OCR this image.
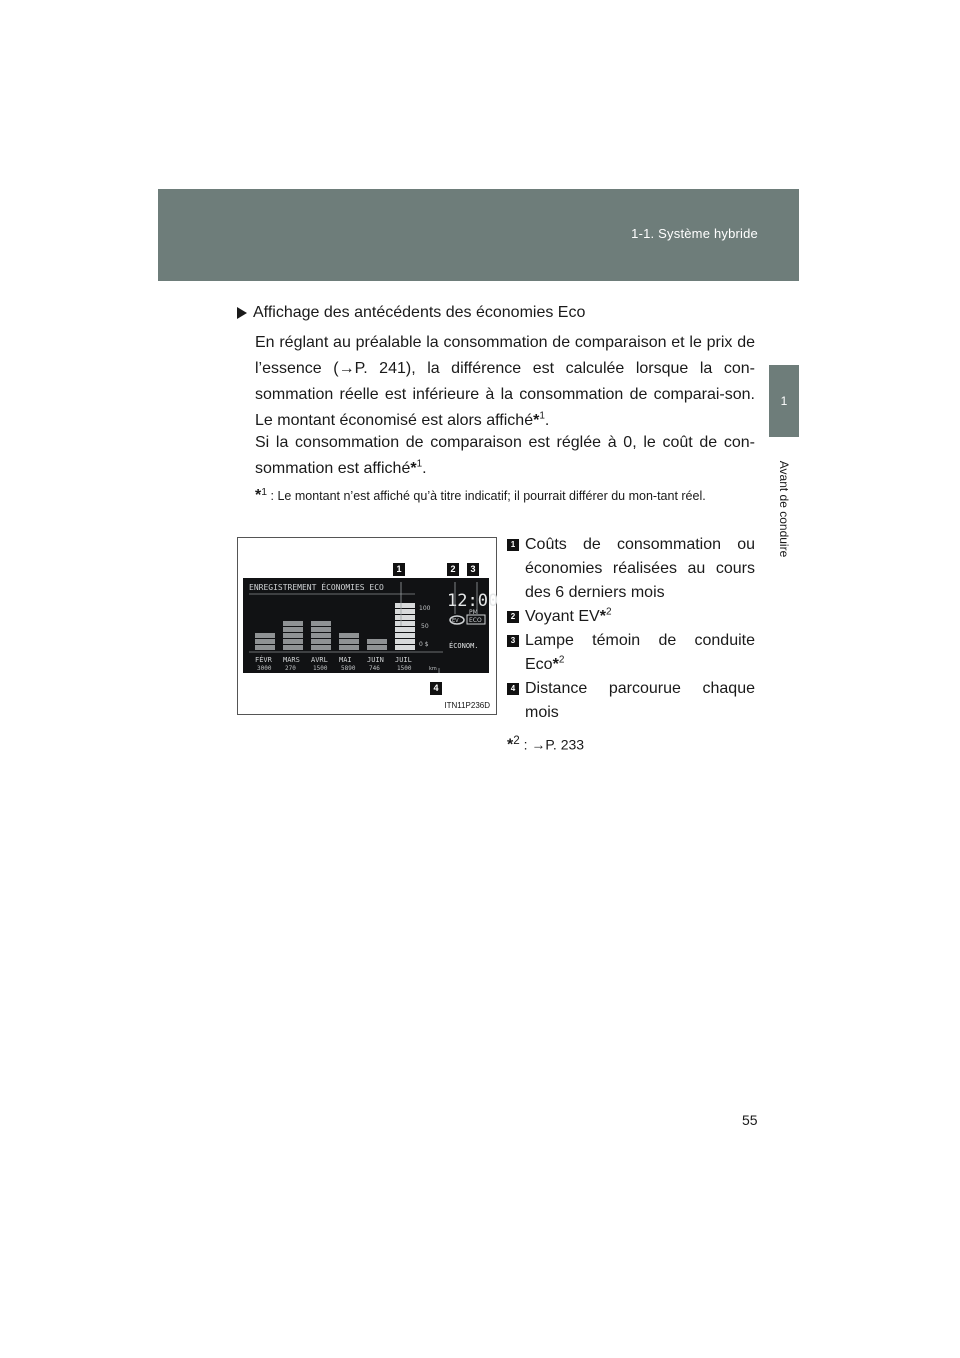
1-1. Système hybride
1
Avant de conduire
Affichage des antécédents des économies Eco
En réglant au préalable la consommation de comparaison et le prix de l’essence (→P. 241), la différence est calculée lorsque la con-sommation réelle est inférieure à la consommation de comparai-son. Le montant économisé est alors affiché*$^1$.
Si la consommation de comparaison est réglée à 0, le coût de con-sommation est affiché*$^1$.
*$^1$ : Le montant n’est affiché qu’à titre indicatif; il pourrait différer du mon-tant réel.
1	2	3
4
ENREGISTREMENT ÉCONOMIES ECO
100
50
0 $
12:00
PM
EV ECO
ÉCONOM.
FÉVR MARS AVRL MAI JUIN JUIL
3000 270	1500 5890 746	1500	km
ITN11P236D
1 Coûts de consommation ou économies réalisées au cours des 6 derniers mois
2 Voyant EV*$^2$
3 Lampe témoin de conduite Eco*$^2$
4 Distance parcourue chaque mois
*$^2$ : →P. 233
55
